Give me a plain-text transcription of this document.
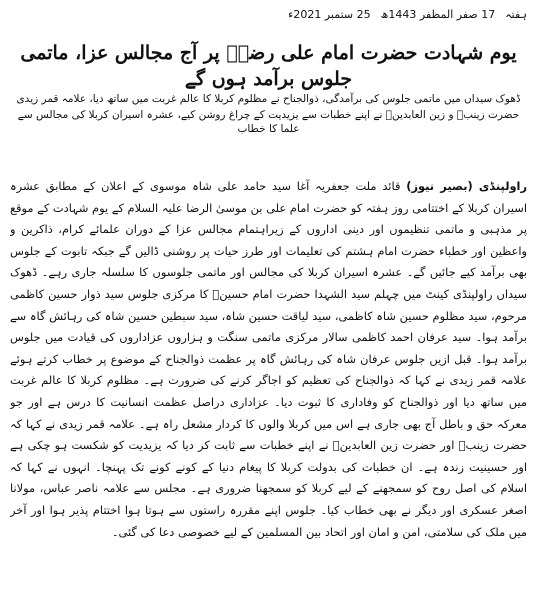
ہفتہ
17 صفر المظفر 1443ھ
25 ستمبر 2021ء
یوم شہادت حضرت امام علی رضاؑ پر آج مجالس عزا، ماتمی جلوس برآمد ہوں گے
ڈھوک سیداں میں ماتمی جلوس کی برآمدگی، ذوالجناح نے مظلوم کربلا کا عالم غربت میں ساتھ دیا، علامہ قمر زیدی
حضرت زینبؑ و زین العابدینؑ نے اپنے خطبات سے یزیدیت کے چراغ روشن کیے، عشرہ اسیران کربلا کی مجالس سے علما کا خطاب
راولپنڈی (بصیر نیوز) قائد ملت جعفریہ آغا سید حامد علی شاہ موسوی کے اعلان کے مطابق عشرہ اسیران کربلا کے اختتامی روز ہفتہ کو حضرت امام علی بن موسیٰ الرضا علیہ السلام کے یوم شہادت کے موقع پر مذہبی و ماتمی تنظیموں اور دینی اداروں کے زیراہتمام مجالس عزا کے دوران علمائے کرام، ذاکرین و واعظین اور خطباء حضرت امام ہشتم کی تعلیمات اور طرز حیات پر روشنی ڈالیں گے جبکہ تابوت کے جلوس بھی برآمد کیے جائیں گے۔ عشرہ اسیران کربلا کی مجالس اور ماتمی جلوسوں کا سلسلہ جاری رہے۔ ڈھوک سیداں راولپنڈی کینٹ میں چہلم سید الشہدا حضرت امام حسینؑ کا مرکزی جلوس سید ذوار حسین کاظمی مرحوم، سید مظلوم حسین شاہ کاظمی، سید لیاقت حسین شاہ، سید سبطین حسین شاہ کی رہائش گاہ سے برآمد ہوا۔ سید عرفان احمد کاظمی سالار مرکزی ماتمی سنگت و ہزاروں عزاداروں کی قیادت میں جلوس برآمد ہوا۔ قبل ازیں جلوس عرفان شاہ کی رہائش گاہ پر عظمت ذوالجناح کے موضوع پر خطاب کرتے ہوئے علامہ قمر زیدی نے کہا کہ ذوالجناح کی تعظیم کو اجاگر کرنے کی ضرورت ہے۔ مظلوم کربلا کا عالم غربت میں ساتھ دیا اور ذوالجناح کو وفاداری کا ثبوت دیا۔ عزاداری دراصل عظمت انسانیت کا درس ہے اور جو معرکہ حق و باطل آج بھی جاری ہے اس میں کربلا والوں کا کردار مشعل راہ ہے۔ علامہ قمر زیدی نے کہا کہ حضرت زینبؑ اور حضرت زین العابدینؑ نے اپنے خطبات سے ثابت کر دیا کہ یزیدیت کو شکست ہو چکی ہے اور حسینیت زندہ ہے۔ ان خطبات کی بدولت کربلا کا پیغام دنیا کے کونے کونے تک پہنچا۔ انہوں نے کہا کہ اسلام کی اصل روح کو سمجھنے کے لیے کربلا کو سمجھنا ضروری ہے۔ مجلس سے علامہ ناصر عباس، مولانا اصغر عسکری اور دیگر نے بھی خطاب کیا۔ جلوس اپنے مقررہ راستوں سے ہوتا ہوا اختتام پذیر ہوا اور آخر میں ملک کی سلامتی، امن و امان اور اتحاد بین المسلمین کے لیے خصوصی دعا کی گئی۔
